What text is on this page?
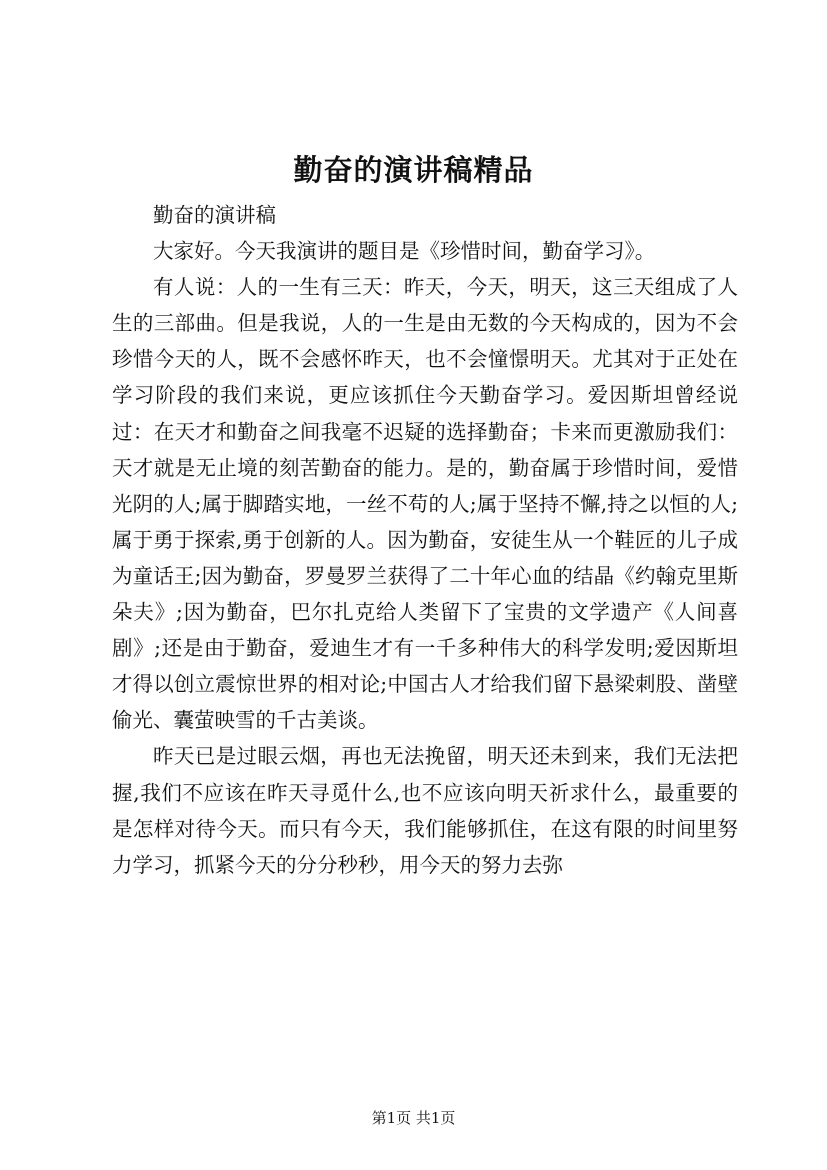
勤奋的演讲稿精品

勤奋的演讲稿

大家好。今天我演讲的题目是《珍惜时间，勤奋学习》。

有人说：人的一生有三天：昨天，今天，明天，这三天组成了人生的三部曲。但是我说，人的一生是由无数的今天构成的，因为不会珍惜今天的人，既不会感怀昨天，也不会憧憬明天。尤其对于正处在学习阶段的我们来说，更应该抓住今天勤奋学习。爱因斯坦曾经说过：在天才和勤奋之间我毫不迟疑的选择勤奋；卡来而更激励我们：天才就是无止境的刻苦勤奋的能力。是的，勤奋属于珍惜时间，爱惜光阴的人;属于脚踏实地，一丝不苟的人;属于坚持不懈,持之以恒的人;属于勇于探索,勇于创新的人。因为勤奋，安徒生从一个鞋匠的儿子成为童话王;因为勤奋，罗曼罗兰获得了二十年心血的结晶《约翰克里斯朵夫》;因为勤奋，巴尔扎克给人类留下了宝贵的文学遗产《人间喜剧》;还是由于勤奋，爱迪生才有一千多种伟大的科学发明;爱因斯坦才得以创立震惊世界的相对论;中国古人才给我们留下悬梁刺股、凿壁偷光、囊萤映雪的千古美谈。

昨天已是过眼云烟，再也无法挽留，明天还未到来，我们无法把握,我们不应该在昨天寻觅什么,也不应该向明天祈求什么，最重要的是怎样对待今天。而只有今天，我们能够抓住，在这有限的时间里努力学习，抓紧今天的分分秒秒，用今天的努力去弥

第1页 共1页
